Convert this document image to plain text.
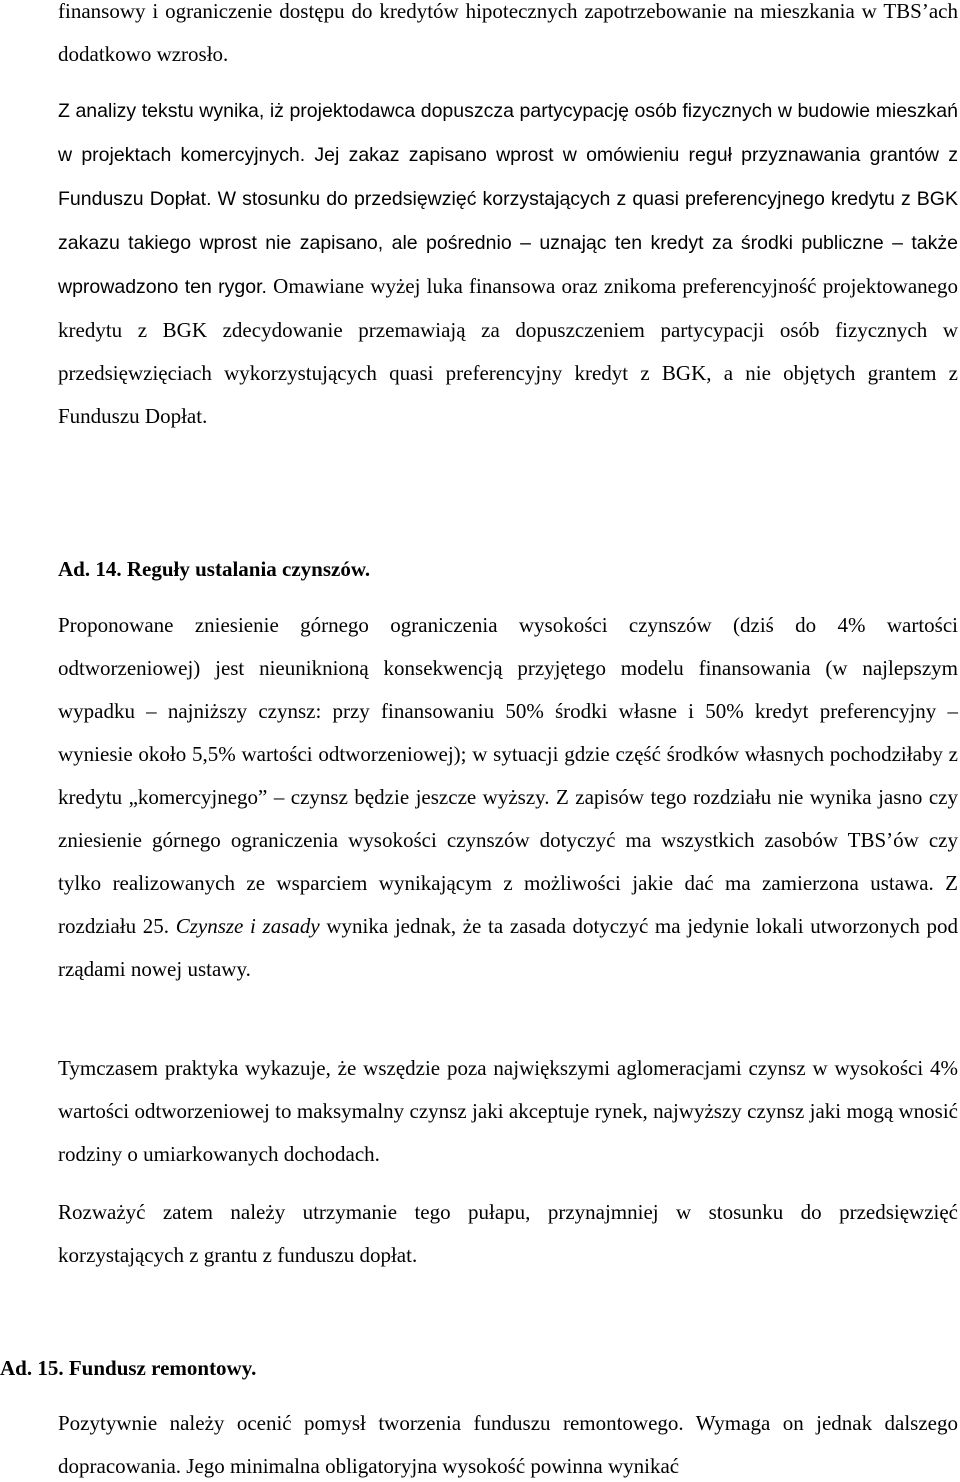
finansowy i ograniczenie dostępu do kredytów hipotecznych zapotrzebowanie na mieszkania w TBS’ach dodatkowo wzrosło.

Z analizy tekstu wynika, iż projektodawca dopuszcza partycypację osób fizycznych w budowie mieszkań w projektach komercyjnych. Jej zakaz zapisano wprost w omówieniu reguł przyznawania grantów z Funduszu Dopłat. W stosunku do przedsięwzięć korzystających z quasi preferencyjnego kredytu z BGK zakazu takiego wprost nie zapisano, ale pośrednio – uznając ten kredyt za środki publiczne – także wprowadzono ten rygor. Omawiane wyżej luka finansowa oraz znikoma preferencyjność projektowanego kredytu z BGK zdecydowanie przemawiają za dopuszczeniem partycypacji osób fizycznych w przedsięwzięciach wykorzystujących quasi preferencyjny kredyt z BGK, a nie objętych grantem z Funduszu Dopłat.

Ad. 14. Reguły ustalania czynszów.

Proponowane zniesienie górnego ograniczenia wysokości czynszów (dziś do 4% wartości odtworzeniowej) jest nieuniknioną konsekwencją przyjętego modelu finansowania (w najlepszym wypadku – najniższy czynsz: przy finansowaniu 50% środki własne i 50% kredyt preferencyjny – wyniesie około 5,5% wartości odtworzeniowej); w sytuacji gdzie część środków własnych pochodziłaby z kredytu „komercyjnego” – czynsz będzie jeszcze wyższy. Z zapisów tego rozdziału nie wynika jasno czy zniesienie górnego ograniczenia wysokości czynszów dotyczyć ma wszystkich zasobów TBS’ów czy tylko realizowanych ze wsparciem wynikającym z możliwości jakie dać ma zamierzona ustawa. Z rozdziału 25. Czynsze i zasady wynika jednak, że ta zasada dotyczyć ma jedynie lokali utworzonych pod rządami nowej ustawy.

Tymczasem praktyka wykazuje, że wszędzie poza największymi aglomeracjami czynsz w wysokości 4% wartości odtworzeniowej to maksymalny czynsz jaki akceptuje rynek, najwyższy czynsz jaki mogą wnosić rodziny o umiarkowanych dochodach.

Rozważyć zatem należy utrzymanie tego pułapu, przynajmniej w stosunku do przedsięwzięć korzystających z grantu z funduszu dopłat.

Ad. 15. Fundusz remontowy.

Pozytywnie należy ocenić pomysł tworzenia funduszu remontowego. Wymaga on jednak dalszego dopracowania. Jego minimalna obligatoryjna wysokość powinna wynikać
